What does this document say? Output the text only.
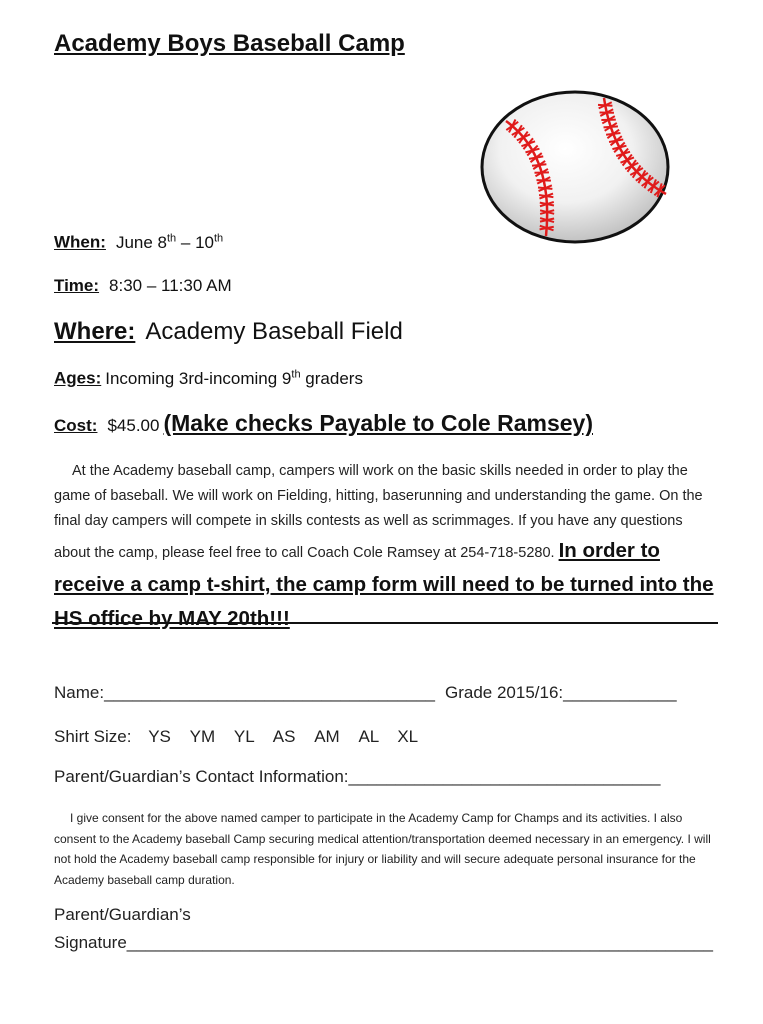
Academy Boys Baseball Camp
When: June 8th – 10th
Time: 8:30 – 11:30 AM
Where: Academy Baseball Field
Ages: Incoming 3rd-incoming 9th graders
Cost: $45.00 (Make checks Payable to Cole Ramsey)
At the Academy baseball camp, campers will work on the basic skills needed in order to play the game of baseball. We will work on Fielding, hitting, baserunning and understanding the game. On the final day campers will compete in skills contests as well as scrimmages. If you have any questions about the camp, please feel free to call Coach Cole Ramsey at 254-718-5280. In order to receive a camp t-shirt, the camp form will need to be turned into the HS office by MAY 20th!!!
Name:___________________________________ Grade 2015/16:____________
Shirt Size: YS YM YL AS AM AL XL
Parent/Guardian’s Contact Information:_________________________________
I give consent for the above named camper to participate in the Academy Camp for Champs and its activities. I also consent to the Academy baseball Camp securing medical attention/transportation deemed necessary in an emergency. I will not hold the Academy baseball camp responsible for injury or liability and will secure adequate personal insurance for the Academy baseball camp duration.
Parent/Guardian’s
Signature______________________________________________________________
